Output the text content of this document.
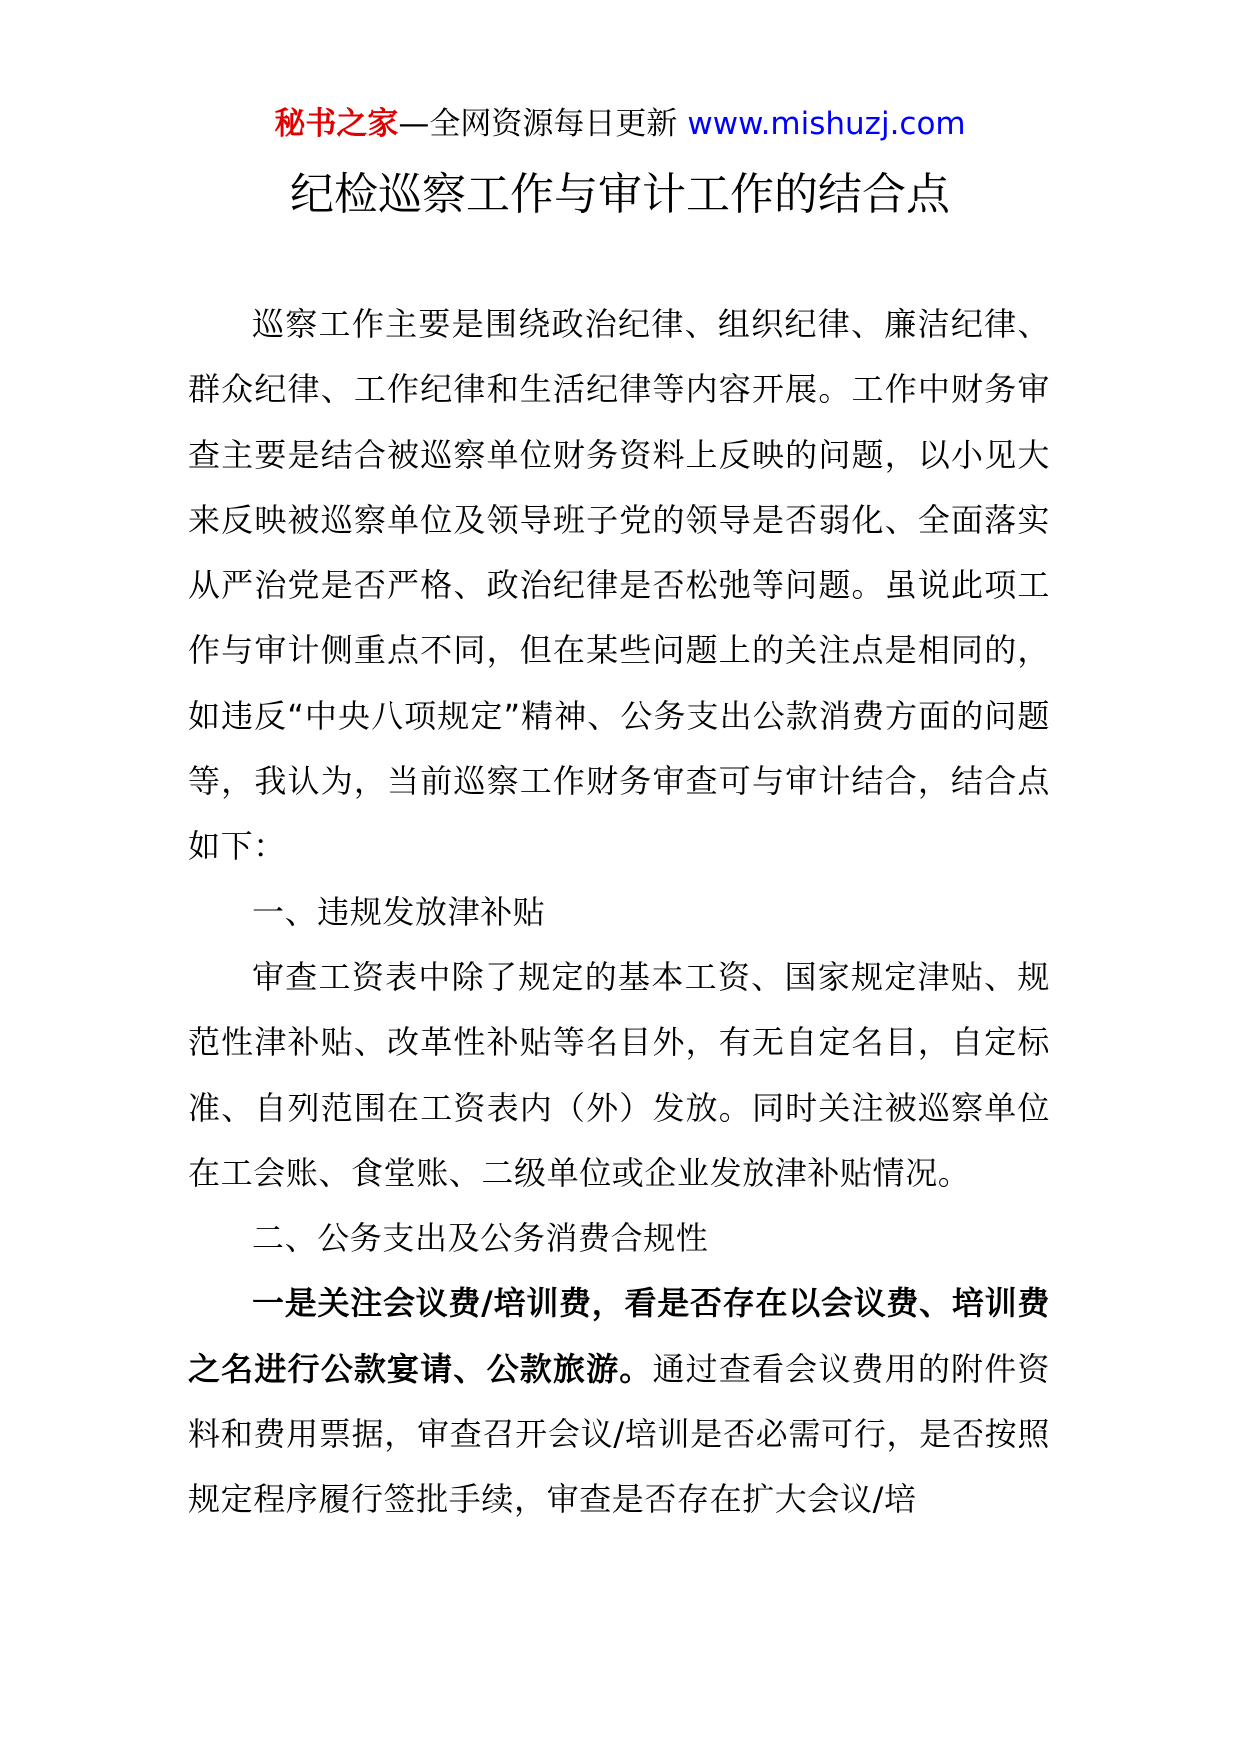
秘书之家—全网资源每日更新 www.mishuzj.com
纪检巡察工作与审计工作的结合点

巡察工作主要是围绕政治纪律、组织纪律、廉洁纪律、群众纪律、工作纪律和生活纪律等内容开展。工作中财务审查主要是结合被巡察单位财务资料上反映的问题，以小见大来反映被巡察单位及领导班子党的领导是否弱化、全面落实从严治党是否严格、政治纪律是否松弛等问题。虽说此项工作与审计侧重点不同，但在某些问题上的关注点是相同的，如违反“中央八项规定”精神、公务支出公款消费方面的问题等，我认为，当前巡察工作财务审查可与审计结合，结合点如下：

一、违规发放津补贴

审查工资表中除了规定的基本工资、国家规定津贴、规范性津补贴、改革性补贴等名目外，有无自定名目，自定标准、自列范围在工资表内（外）发放。同时关注被巡察单位在工会账、食堂账、二级单位或企业发放津补贴情况。

二、公务支出及公务消费合规性

一是关注会议费/培训费，看是否存在以会议费、培训费之名进行公款宴请、公款旅游。通过查看会议费用的附件资料和费用票据，审查召开会议/培训是否必需可行，是否按照规定程序履行签批手续，审查是否存在扩大会议/培
